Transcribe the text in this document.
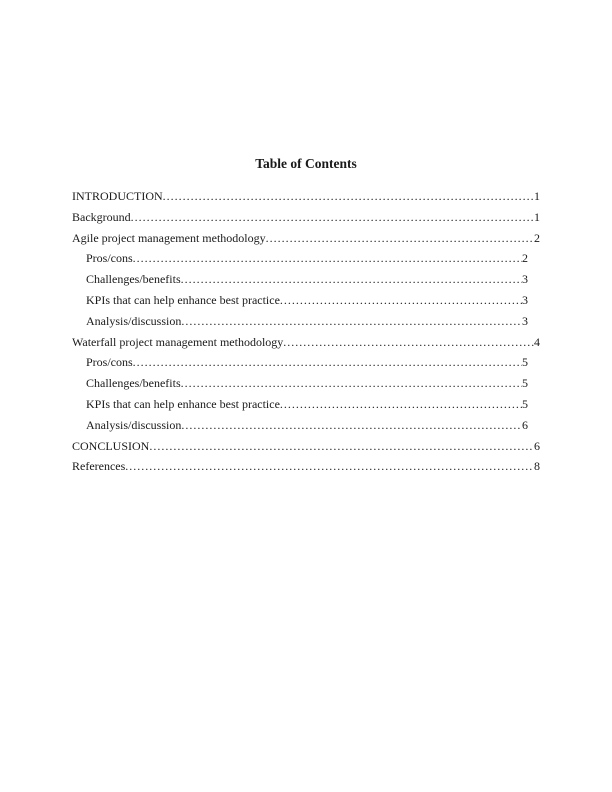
Table of Contents
INTRODUCTION .....	1
Background .....	1
Agile project management methodology .....	2
Pros/cons .....	2
Challenges/benefits .....	3
KPIs that can help enhance best practice .....	3
Analysis/discussion .....	3
Waterfall project management methodology .....	4
Pros/cons .....	5
Challenges/benefits .....	5
KPIs that can help enhance best practice .....	5
Analysis/discussion .....	6
CONCLUSION .....	6
References .....	8
